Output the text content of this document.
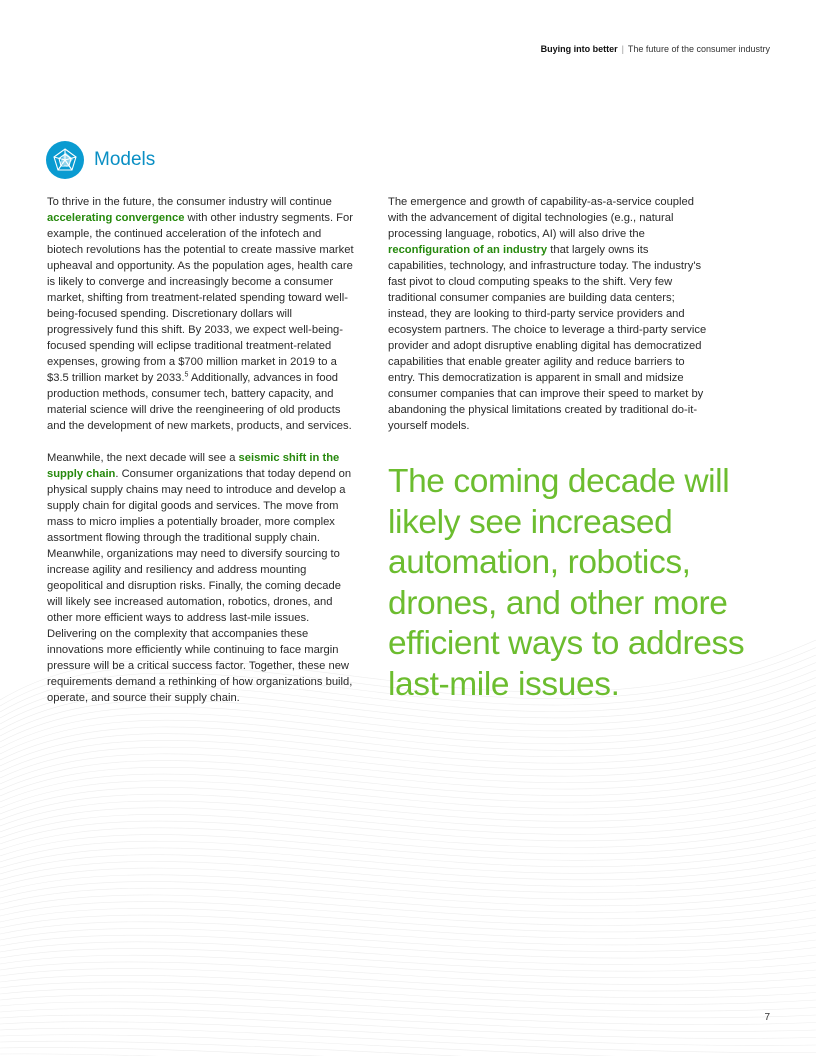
Buying into better | The future of the consumer industry
Models

To thrive in the future, the consumer industry will continue accelerating convergence with other industry segments. For example, the continued acceleration of the infotech and biotech revolutions has the potential to create massive market upheaval and opportunity. As the population ages, health care is likely to converge and increasingly become a consumer market, shifting from treatment-related spending toward well-being-focused spending. Discretionary dollars will progressively fund this shift. By 2033, we expect well-being-focused spending will eclipse traditional treatment-related expenses, growing from a $700 million market in 2019 to a $3.5 trillion market by 2033.$^5$ Additionally, advances in food production methods, consumer tech, battery capacity, and material science will drive the reengineering of old products and the development of new markets, products, and services.

Meanwhile, the next decade will see a seismic shift in the supply chain. Consumer organizations that today depend on physical supply chains may need to introduce and develop a supply chain for digital goods and services. The move from mass to micro implies a potentially broader, more complex assortment flowing through the traditional supply chain. Meanwhile, organizations may need to diversify sourcing to increase agility and resiliency and address mounting geopolitical and disruption risks. Finally, the coming decade will likely see increased automation, robotics, drones, and other more efficient ways to address last-mile issues. Delivering on the complexity that accompanies these innovations more efficiently while continuing to face margin pressure will be a critical success factor. Together, these new requirements demand a rethinking of how organizations build, operate, and source their supply chain.

The emergence and growth of capability-as-a-service coupled with the advancement of digital technologies (e.g., natural processing language, robotics, AI) will also drive the reconfiguration of an industry that largely owns its capabilities, technology, and infrastructure today. The industry's fast pivot to cloud computing speaks to the shift. Very few traditional consumer companies are building data centers; instead, they are looking to third-party service providers and ecosystem partners. The choice to leverage a third-party service provider and adopt disruptive enabling digital has democratized capabilities that enable greater agility and reduce barriers to entry. This democratization is apparent in small and midsize consumer companies that can improve their speed to market by abandoning the physical limitations created by traditional do-it-yourself models.

The coming decade will likely see increased automation, robotics, drones, and other more efficient ways to address last-mile issues.
7
